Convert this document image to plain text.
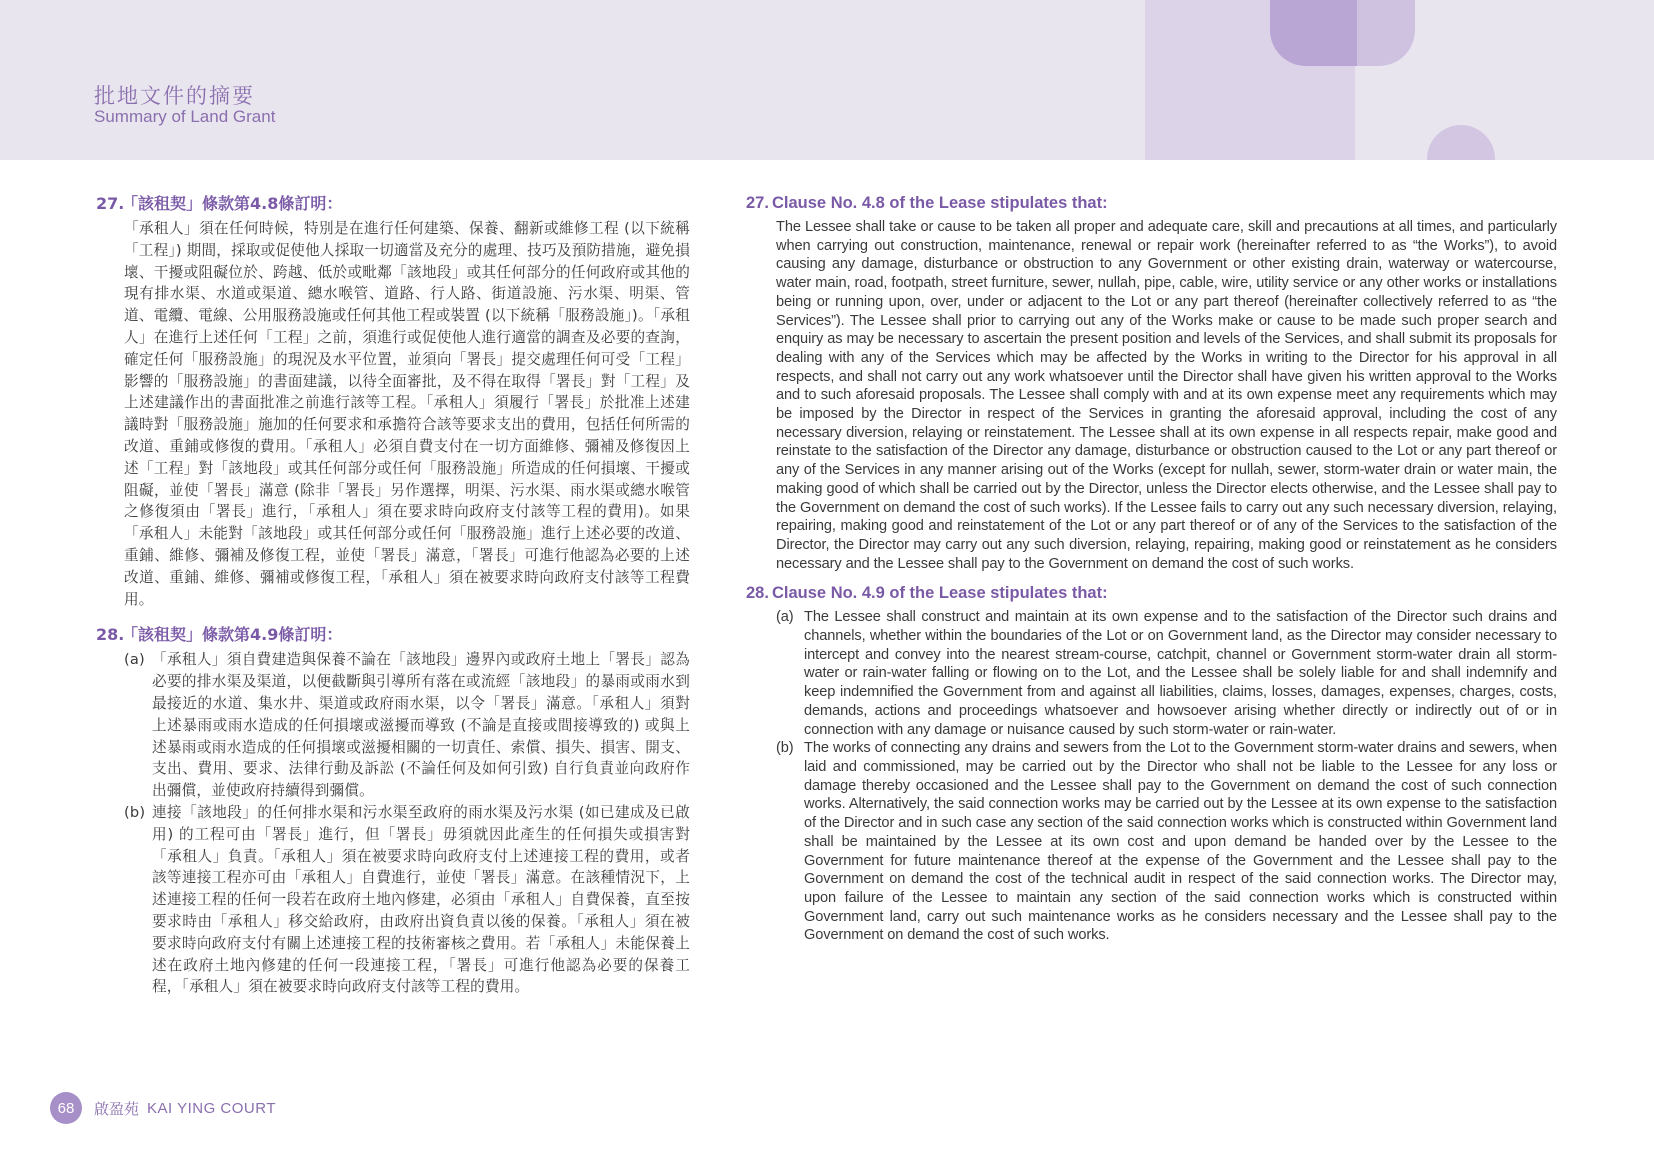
批地文件的摘要
Summary of Land Grant
27.「該租契」條款第4.8條訂明：
「承租人」須在任何時候，特別是在進行任何建築、保養、翻新或維修工程 (以下統稱「工程」) 期間，採取或促使他人採取一切適當及充分的處理、技巧及預防措施，避免損壞、干擾或阻礙位於、跨越、低於或毗鄰「該地段」或其任何部分的任何政府或其他的現有排水渠、水道或渠道、總水喉管、道路、行人路、街道設施、污水渠、明渠、管道、電纜、電線、公用服務設施或任何其他工程或裝置 (以下統稱「服務設施」)。「承租人」在進行上述任何「工程」之前，須進行或促使他人進行適當的調查及必要的查詢，確定任何「服務設施」的現況及水平位置，並須向「署長」提交處理任何可受「工程」影響的「服務設施」的書面建議，以待全面審批，及不得在取得「署長」對「工程」及上述建議作出的書面批准之前進行該等工程。「承租人」須履行「署長」於批准上述建議時對「服務設施」施加的任何要求和承擔符合該等要求支出的費用，包括任何所需的改道、重鋪或修復的費用。「承租人」必須自費支付在一切方面維修、彌補及修復因上述「工程」對「該地段」或其任何部分或任何「服務設施」所造成的任何損壞、干擾或阻礙，並使「署長」滿意 (除非「署長」另作選擇，明渠、污水渠、雨水渠或總水喉管之修復須由「署長」進行，「承租人」須在要求時向政府支付該等工程的費用)。如果「承租人」未能對「該地段」或其任何部分或任何「服務設施」進行上述必要的改道、重鋪、維修、彌補及修復工程，並使「署長」滿意，「署長」可進行他認為必要的上述改道、重鋪、維修、彌補或修復工程，「承租人」須在被要求時向政府支付該等工程費用。
28.「該租契」條款第4.9條訂明：
(a) 「承租人」須自費建造與保養不論在「該地段」邊界內或政府土地上「署長」認為必要的排水渠及渠道，以便截斷與引導所有落在或流經「該地段」的暴雨或雨水到最接近的水道、集水井、渠道或政府雨水渠，以令「署長」滿意。「承租人」須對上述暴雨或雨水造成的任何損壞或滋擾而導致 (不論是直接或間接導致的) 或與上述暴雨或雨水造成的任何損壞或滋擾相關的一切責任、索償、損失、損害、開支、支出、費用、要求、法律行動及訴訟 (不論任何及如何引致) 自行負責並向政府作出彌償，並使政府持續得到彌償。
(b) 連接「該地段」的任何排水渠和污水渠至政府的雨水渠及污水渠 (如已建成及已啟用) 的工程可由「署長」進行，但「署長」毋須就因此產生的任何損失或損害對「承租人」負責。「承租人」須在被要求時向政府支付上述連接工程的費用，或者該等連接工程亦可由「承租人」自費進行，並使「署長」滿意。在該種情況下，上述連接工程的任何一段若在政府土地內修建，必須由「承租人」自費保養，直至按要求時由「承租人」移交給政府，由政府出資負責以後的保養。「承租人」須在被要求時向政府支付有關上述連接工程的技術審核之費用。若「承租人」未能保養上述在政府土地內修建的任何一段連接工程，「署長」可進行他認為必要的保養工程，「承租人」須在被要求時向政府支付該等工程的費用。
27. Clause No. 4.8 of the Lease stipulates that:
The Lessee shall take or cause to be taken all proper and adequate care, skill and precautions at all times, and particularly when carrying out construction, maintenance, renewal or repair work (hereinafter referred to as “the Works”), to avoid causing any damage, disturbance or obstruction to any Government or other existing drain, waterway or watercourse, water main, road, footpath, street furniture, sewer, nullah, pipe, cable, wire, utility service or any other works or installations being or running upon, over, under or adjacent to the Lot or any part thereof (hereinafter collectively referred to as “the Services”). The Lessee shall prior to carrying out any of the Works make or cause to be made such proper search and enquiry as may be necessary to ascertain the present position and levels of the Services, and shall submit its proposals for dealing with any of the Services which may be affected by the Works in writing to the Director for his approval in all respects, and shall not carry out any work whatsoever until the Director shall have given his written approval to the Works and to such aforesaid proposals. The Lessee shall comply with and at its own expense meet any requirements which may be imposed by the Director in respect of the Services in granting the aforesaid approval, including the cost of any necessary diversion, relaying or reinstatement. The Lessee shall at its own expense in all respects repair, make good and reinstate to the satisfaction of the Director any damage, disturbance or obstruction caused to the Lot or any part thereof or any of the Services in any manner arising out of the Works (except for nullah, sewer, storm-water drain or water main, the making good of which shall be carried out by the Director, unless the Director elects otherwise, and the Lessee shall pay to the Government on demand the cost of such works). If the Lessee fails to carry out any such necessary diversion, relaying, repairing, making good and reinstatement of the Lot or any part thereof or of any of the Services to the satisfaction of the Director, the Director may carry out any such diversion, relaying, repairing, making good or reinstatement as he considers necessary and the Lessee shall pay to the Government on demand the cost of such works.
28. Clause No. 4.9 of the Lease stipulates that:
(a) The Lessee shall construct and maintain at its own expense and to the satisfaction of the Director such drains and channels, whether within the boundaries of the Lot or on Government land, as the Director may consider necessary to intercept and convey into the nearest stream-course, catchpit, channel or Government storm-water drain all storm-water or rain-water falling or flowing on to the Lot, and the Lessee shall be solely liable for and shall indemnify and keep indemnified the Government from and against all liabilities, claims, losses, damages, expenses, charges, costs, demands, actions and proceedings whatsoever and howsoever arising whether directly or indirectly out of or in connection with any damage or nuisance caused by such storm-water or rain-water.
(b) The works of connecting any drains and sewers from the Lot to the Government storm-water drains and sewers, when laid and commissioned, may be carried out by the Director who shall not be liable to the Lessee for any loss or damage thereby occasioned and the Lessee shall pay to the Government on demand the cost of such connection works. Alternatively, the said connection works may be carried out by the Lessee at its own expense to the satisfaction of the Director and in such case any section of the said connection works which is constructed within Government land shall be maintained by the Lessee at its own cost and upon demand be handed over by the Lessee to the Government for future maintenance thereof at the expense of the Government and the Lessee shall pay to the Government on demand the cost of the technical audit in respect of the said connection works. The Director may, upon failure of the Lessee to maintain any section of the said connection works which is constructed within Government land, carry out such maintenance works as he considers necessary and the Lessee shall pay to the Government on demand the cost of such works.
68	啟盈苑 KAI YING COURT
